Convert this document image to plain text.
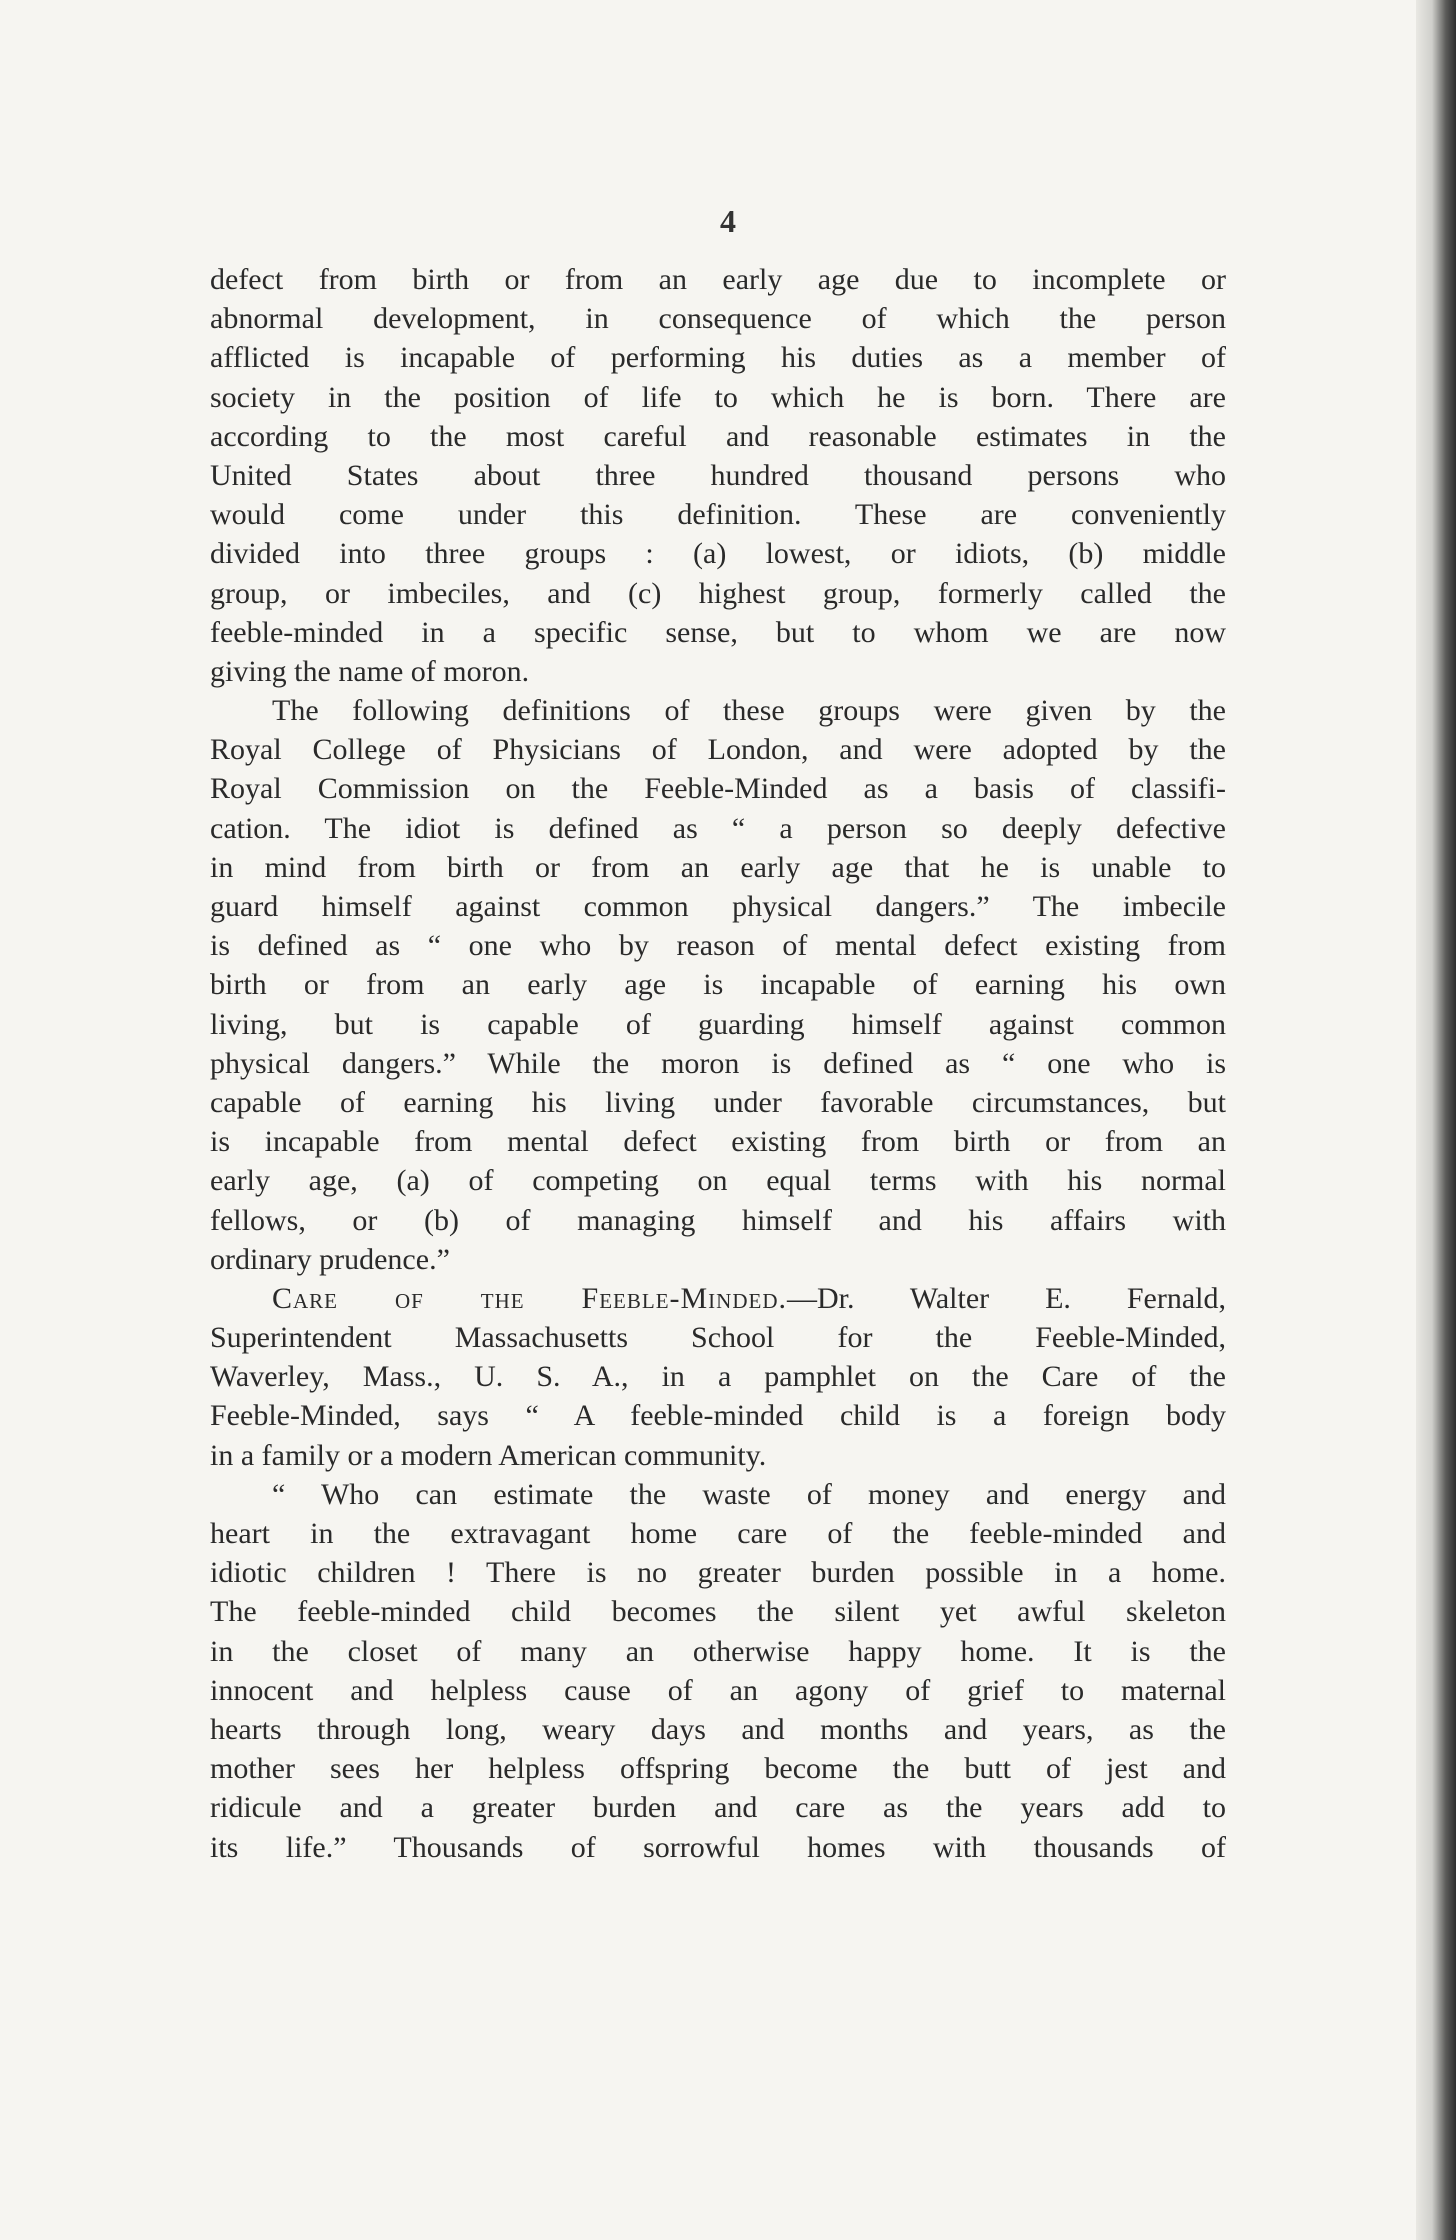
4
defect from birth or from an early age due to incomplete or
abnormal development, in consequence of which the person
afflicted is incapable of performing his duties as a member of
society in the position of life to which he is born. There are
according to the most careful and reasonable estimates in the
United States about three hundred thousand persons who
would come under this definition. These are conveniently
divided into three groups : (a) lowest, or idiots, (b) middle
group, or imbeciles, and (c) highest group, formerly called the
feeble-minded in a specific sense, but to whom we are now
giving the name of moron.
The following definitions of these groups were given by the
Royal College of Physicians of London, and were adopted by the
Royal Commission on the Feeble-Minded as a basis of classifi-
cation. The idiot is defined as “ a person so deeply defective
in mind from birth or from an early age that he is unable to
guard himself against common physical dangers.” The imbecile
is defined as “ one who by reason of mental defect existing from
birth or from an early age is incapable of earning his own
living, but is capable of guarding himself against common
physical dangers.” While the moron is defined as “ one who is
capable of earning his living under favorable circumstances, but
is incapable from mental defect existing from birth or from an
early age, (a) of competing on equal terms with his normal
fellows, or (b) of managing himself and his affairs with
ordinary prudence.”
Care of the Feeble-Minded.—Dr. Walter E. Fernald,
Superintendent Massachusetts School for the Feeble-Minded,
Waverley, Mass., U. S. A., in a pamphlet on the Care of the
Feeble-Minded, says “ A feeble-minded child is a foreign body
in a family or a modern American community.
“ Who can estimate the waste of money and energy and
heart in the extravagant home care of the feeble-minded and
idiotic children ! There is no greater burden possible in a home.
The feeble-minded child becomes the silent yet awful skeleton
in the closet of many an otherwise happy home. It is the
innocent and helpless cause of an agony of grief to maternal
hearts through long, weary days and months and years, as the
mother sees her helpless offspring become the butt of jest and
ridicule and a greater burden and care as the years add to
its life.” Thousands of sorrowful homes with thousands of
